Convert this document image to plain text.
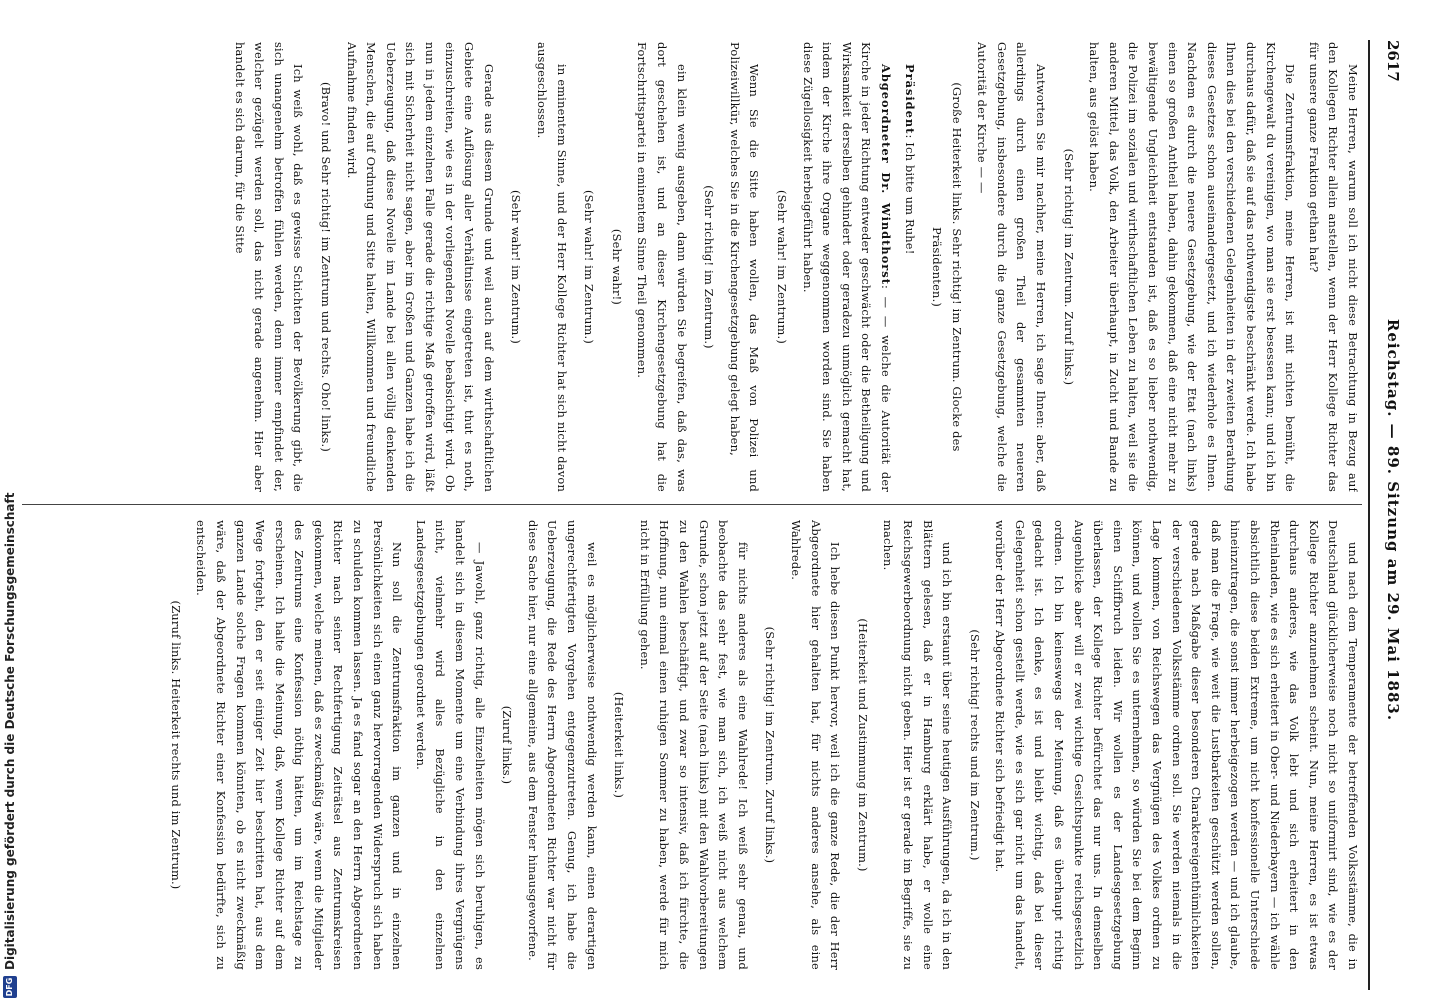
2617
Reichstag. — 89. Sitzung am 29. Mai 1883.

Meine Herren, warum soll ich nicht diese Betrachtung in Bezug auf den Kollegen Richter allein anstellen, wenn der Herr Kollege Richter das für unsere ganze Fraktion gethan hat?

Die Zentrumsfraktion, meine Herren, ist mit nichten bemüht, die Kirchengewalt du vereinigen, wo man sie erst besessen kann; und ich bin durchaus dafür, daß sie auf das nothwendigste beschränkt werde. Ich habe Ihnen dies bei den verschiedenen Gelegenheiten in der zweiten Berathung dieses Gesetzes schon auseinandergesetzt, und ich wiederhole es Ihnen. Nachdem es durch die neuere Gesetzgebung, wie der Etat (nach links) einen so großen Antheil haben, dahin gekommen, daß eine nicht mehr zu bewältigende Ungleichheit entstanden ist, daß es so lieber nothwendig, die Polizei im sozialen und wirthschaftlichen Leben zu halten, weil sie die anderen Mittel, das Volk, den Arbeiter überhaupt, in Zucht und Bande zu halten, aus gelöst haben.

(Sehr richtig! im Zentrum. Zuruf links.)

Antworten Sie mir nachher, meine Herren, ich sage Ihnen: aber, daß allerdings durch einen großen Theil der gesammten neueren Gesetzgebung, insbesondere durch die ganze Gesetzgebung, welche die Autorität der Kirche — —

(Große Heiterkeit links. Sehr richtig! im Zentrum. Glocke des Präsidenten.)

Präsident: Ich bitte um Ruhe!

Abgeordneter Dr. Windthorst: — — welche die Autorität der Kirche in jeder Richtung entweder geschwächt oder die Betheiligung und Wirksamkeit derselben gehindert oder geradezu unmöglich gemacht hat, indem der Kirche ihre Organe weggenommen worden sind. Sie haben diese Zügellosigkeit herbeigeführt haben.

(Sehr wahr! im Zentrum.)

Wenn Sie die Sitte haben wollen, das Maß von Polizei und Polizeiwillkür, welches Sie in die Kirchengesetzgebung gelegt haben,

(Sehr richtig! im Zentrum.)

ein klein wenig ausgeben, dann würden Sie begreifen, daß das, was dort geschehen ist, und an dieser Kirchengesetzgebung hat die Fortschrittspartei in eminentem Sinne Theil genommen.

(Sehr wahr!)

(Sehr wahr! im Zentrum.)

in eminentem Sinne, und der Herr Kollege Richter hat sich nicht davon ausgeschlossen.

(Sehr wahr! im Zentrum.)

Gerade aus diesem Grunde und weil auch auf dem wirthschaftlichen Gebiete eine Auflösung aller Verhältnisse eingetreten ist, thut es noth, einzuschreiten, wie es in der vorliegenden Novelle beabsichtigt wird. Ob nun in jedem einzelnen Falle gerade die richtige Maß getroffen wird, läßt sich mit Sicherheit nicht sagen, aber im Großen und Ganzen habe ich die Ueberzeugung, daß diese Novelle im Lande bei allen völlig denkenden Menschen, die auf Ordnung und Sitte halten, Willkommen und freundliche Aufnahme finden wird.

(Bravo! und Sehr richtig! im Zentrum und rechts. Oho! links.)

Ich weiß wohl, daß es gewisse Schichten der Bevölkerung gibt, die sich unangenehm betroffen fühlen werden, denn immer empfindet der, welcher gezügelt werden soll, das nicht gerade angenehm. Hier aber handelt es sich darum, für die Sitte

und nach dem Temperamente der betreffenden Volksstämme, die in Deutschland glücklicherweise noch nicht so uniformirt sind, wie es der Kollege Richter anzunehmen scheint. Nun, meine Herren, es ist etwas durchaus anderes, wie das Volk lebt und sich erheitert in den Rheinlanden, wie es sich erheitert in Ober- und Niederbayern — ich wähle absichtlich diese beiden Extreme, um nicht konfessionelle Unterschiede hineinzutragen, die sonst immer herbeigezogen werden — und ich glaube, daß man die Frage, wie weit die Lustbarkeiten geschützt werden sollen, gerade nach Maßgabe dieser besonderen Charaktereigenthümlichkeiten der verschiedenen Volksstämme ordnen soll. Sie werden niemals in die Lage kommen, von Reichswegen das Vergnügen des Volkes ordnen zu können, und wollen Sie es unternehmen, so würden Sie bei dem Beginn einen Schiffbruch leiden. Wir wollen es der Landesgesetzgebung überlassen, der Kollege Richter befürchtet das nur uns. In demselben Augenblicke aber will er zwei wichtige Gesichtspunkte reichsgesetzlich ordnen. Ich bin keineswegs der Meinung, daß es überhaupt richtig gedacht ist. Ich denke, es ist und bleibt wichtig, daß bei dieser Gelegenheit schon gestellt werde, wie es sich gar nicht um das handelt, worüber der Herr Abgeordnete Richter sich befriedigt hat.

(Sehr richtig! rechts und im Zentrum.)

und ich bin erstaunt über seine heutigen Ausführungen, da ich in den Blättern gelesen, daß er in Hamburg erklärt habe, er wolle eine Reichsgewerbeordnung nicht geben. Hier ist er gerade im Begriffe, sie zu machen.

(Heiterkeit und Zustimmung im Zentrum.)

Ich hebe diesen Punkt hervor, weil ich die ganze Rede, die der Herr Abgeordnete hier gehalten hat, für nichts anderes ansehe, als eine Wahlrede.

(Sehr richtig! im Zentrum. Zuruf links.)

für nichts anderes als eine Wahlrede! Ich weiß sehr genau, und beobachte das sehr fest, wie man sich, ich weiß nicht aus welchem Grunde, schon jetzt auf der Seite (nach links) mit den Wahlvorbereitungen zu den Wahlen beschäftigt, und zwar so intensiv, daß ich fürchte, die Hoffnung, nun einmal einen ruhigen Sommer zu haben, werde für mich nicht in Erfüllung gehen.

(Heiterkeit links.)

weil es möglicherweise nothwendig werden kann, einen derartigen ungerechtfertigten Vorgehen entgegenzutreten. Genug, ich habe die Ueberzeugung, die Rede des Herrn Abgeordneten Richter war nicht für diese Sache hier, nur eine allgemeine, aus dem Fenster hinausgeworfene.

(Zuruf links.)

— Jawohl, ganz richtig, alle Einzelheiten mögen sich beruhigen, es handelt sich in diesem Momente um eine Verbindung ihres Vergnügens nicht, vielmehr wird alles Bezügliche in den einzelnen Landesgesetzgebungen geordnet werden.

Nun soll die Zentrumsfraktion im ganzen und in einzelnen Persönlichkeiten sich einen ganz hervorragenden Widerspruch sich haben zu schulden kommen lassen. Ja es fand sogar an den Herrn Abgeordneten Richter nach seiner Rechtfertigung Zeiträtsel aus Zentrumskreisen gekommen, welche meinen, daß es zweckmäßig wäre, wenn die Mitglieder des Zentrums eine Konfession nöthig hätten, um im Reichstage zu erscheinen. Ich halte die Meinung, daß, wenn Kollege Richter auf dem Wege fortgeht, den er seit einiger Zeit hier beschritten hat, aus dem ganzen Lande solche Fragen kommen könnten, ob es nicht zweckmäßig wäre, daß der Abgeordnete Richter einer Konfession bedürfte, sich zu entscheiden.

(Zuruf links. Heiterkeit rechts und im Zentrum.)

DFG
Digitalisierung gefördert durch die Deutsche Forschungsgemeinschaft
